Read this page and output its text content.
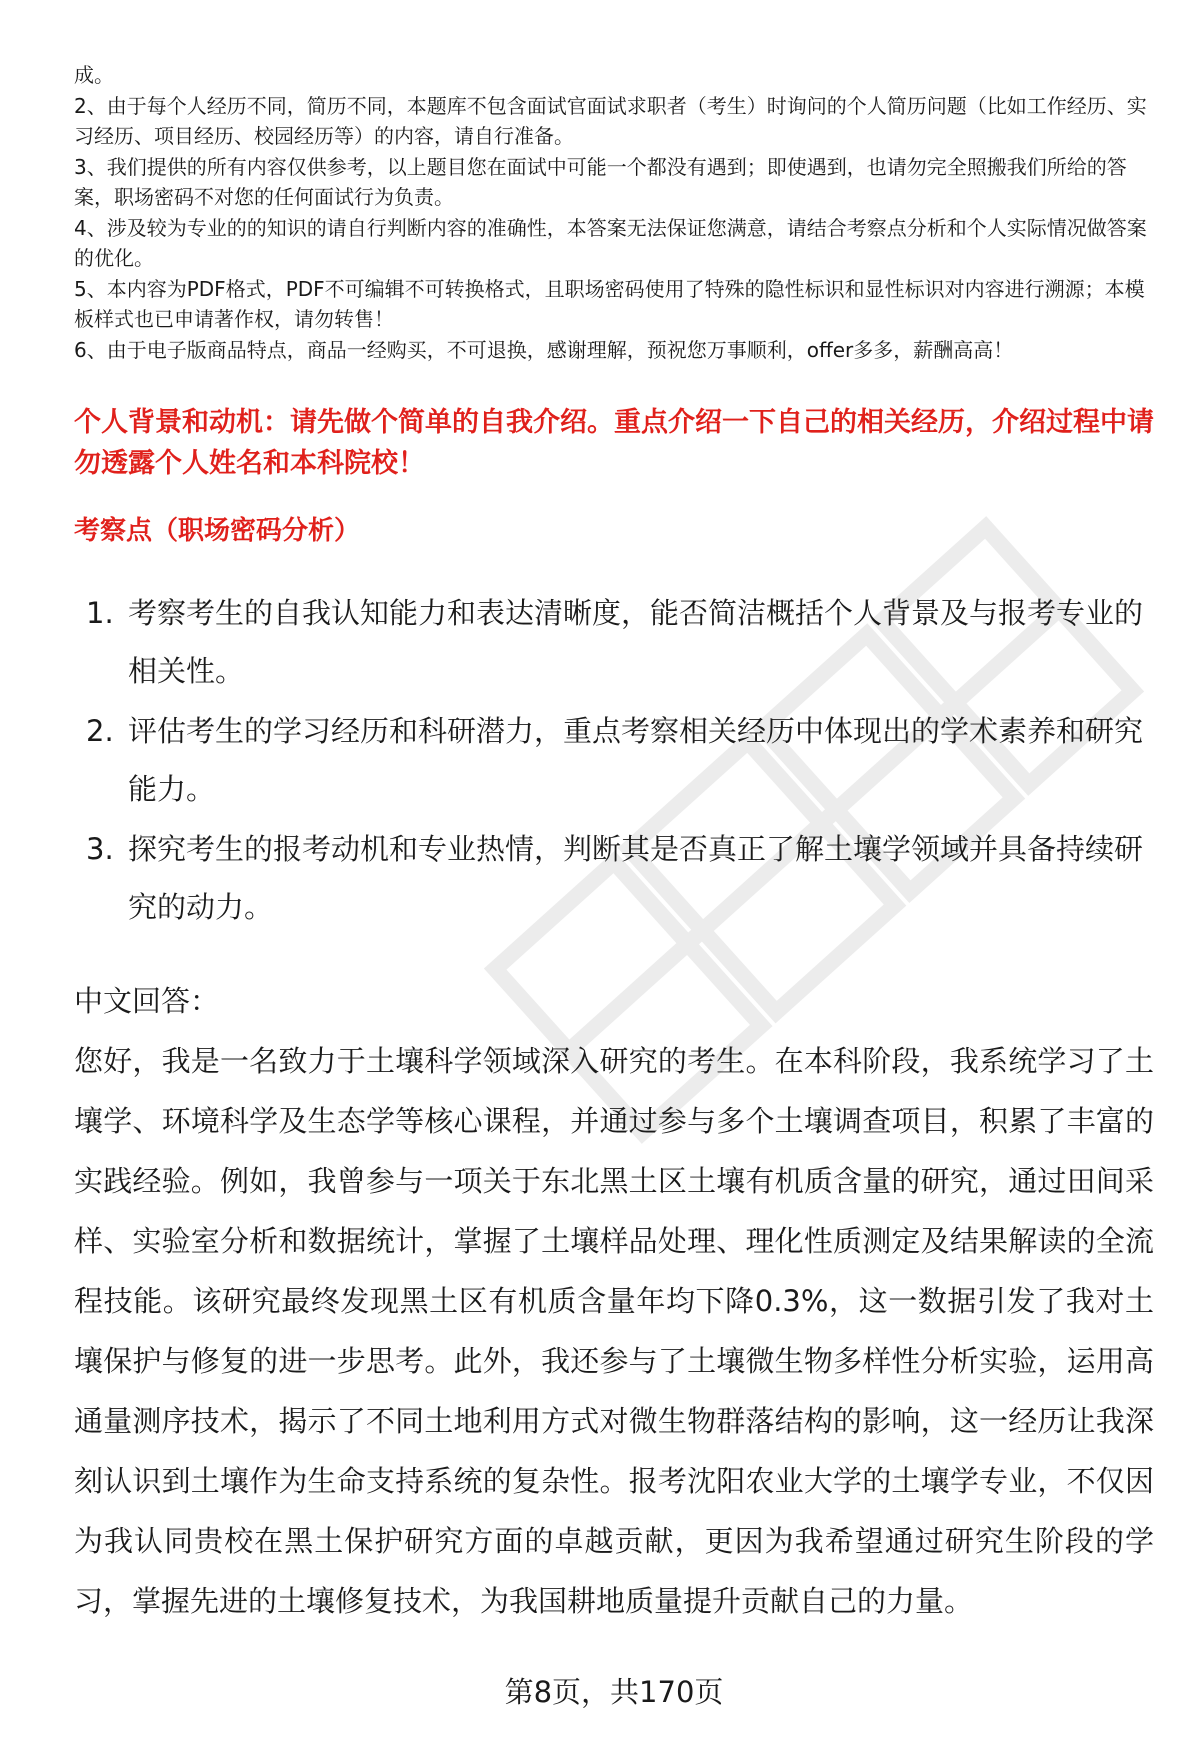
成。

2、由于每个人经历不同，简历不同，本题库不包含面试官面试求职者（考生）时询问的个人简历问题（比如工作经历、实习经历、项目经历、校园经历等）的内容，请自行准备。

3、我们提供的所有内容仅供参考，以上题目您在面试中可能一个都没有遇到；即使遇到，也请勿完全照搬我们所给的答案，职场密码不对您的任何面试行为负责。

4、涉及较为专业的的知识的请自行判断内容的准确性，本答案无法保证您满意，请结合考察点分析和个人实际情况做答案的优化。

5、本内容为PDF格式，PDF不可编辑不可转换格式，且职场密码使用了特殊的隐性标识和显性标识对内容进行溯源；本模板样式也已申请著作权，请勿转售！

6、由于电子版商品特点，商品一经购买，不可退换，感谢理解，预祝您万事顺利，offer多多，薪酬高高！

个人背景和动机：请先做个简单的自我介绍。重点介绍一下自己的相关经历，介绍过程中请勿透露个人姓名和本科院校！
考察点（职场密码分析）
1. 考察考生的自我认知能力和表达清晰度，能否简洁概括个人背景及与报考专业的相关性。
2. 评估考生的学习经历和科研潜力，重点考察相关经历中体现出的学术素养和研究能力。
3. 探究考生的报考动机和专业热情，判断其是否真正了解土壤学领域并具备持续研究的动力。
中文回答：

您好，我是一名致力于土壤科学领域深入研究的考生。在本科阶段，我系统学习了土壤学、环境科学及生态学等核心课程，并通过参与多个土壤调查项目，积累了丰富的实践经验。例如，我曾参与一项关于东北黑土区土壤有机质含量的研究，通过田间采样、实验室分析和数据统计，掌握了土壤样品处理、理化性质测定及结果解读的全流程技能。该研究最终发现黑土区有机质含量年均下降0.3%，这一数据引发了我对土壤保护与修复的进一步思考。此外，我还参与了土壤微生物多样性分析实验，运用高通量测序技术，揭示了不同土地利用方式对微生物群落结构的影响，这一经历让我深刻认识到土壤作为生命支持系统的复杂性。报考沈阳农业大学的土壤学专业，不仅因为我认同贵校在黑土保护研究方面的卓越贡献，更因为我希望通过研究生阶段的学习，掌握先进的土壤修复技术，为我国耕地质量提升贡献自己的力量。

第8页，共170页
